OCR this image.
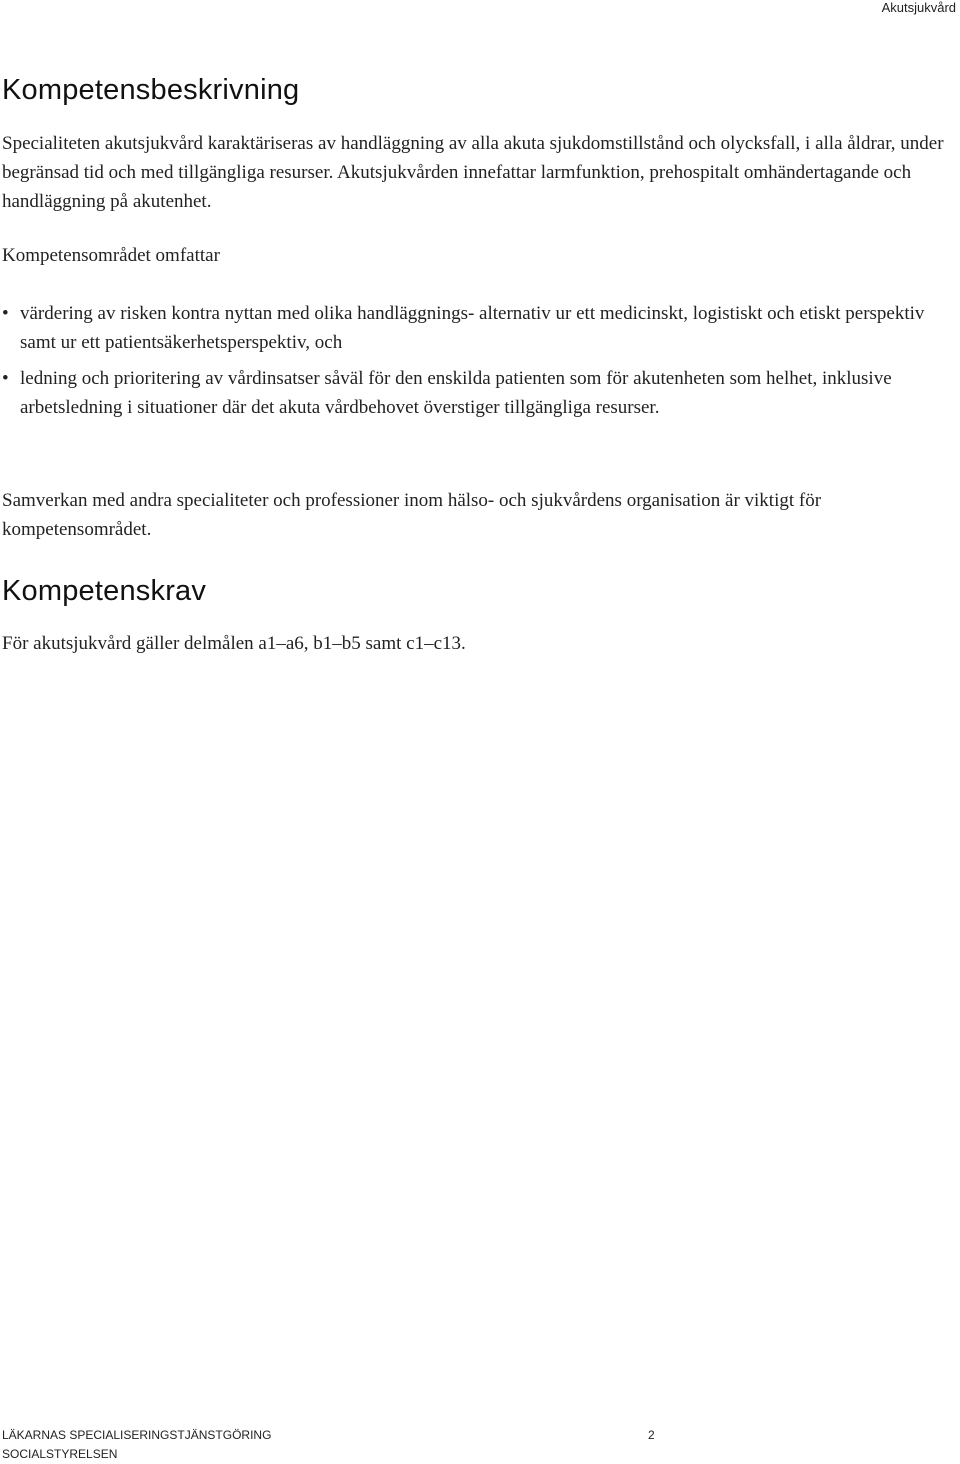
Akutsjukvård
Kompetensbeskrivning

Specialiteten akutsjukvård karaktäriseras av handläggning av alla akuta sjukdomstillstånd och olycksfall, i alla åldrar, under begränsad tid och med tillgängliga resurser. Akutsjukvården innefattar larmfunktion, prehospitalt omhändertagande och handläggning på akutenhet.

Kompetensområdet omfattar

• värdering av risken kontra nyttan med olika handläggnings- alternativ ur ett medicinskt, logistiskt och etiskt perspektiv samt ur ett patientsäkerhetsperspektiv, och
• ledning och prioritering av vårdinsatser såväl för den enskilda patienten som för akutenheten som helhet, inklusive arbetsledning i situationer där det akuta vårdbehovet överstiger tillgängliga resurser.

Samverkan med andra specialiteter och professioner inom hälso- och sjukvårdens organisation är viktigt för kompetensområdet.

Kompetenskrav

För akutsjukvård gäller delmålen a1–a6, b1–b5 samt c1–c13.

LÄKARNAS SPECIALISERINGSTJÄNSTGÖRING
SOCIALSTYRELSEN
2
